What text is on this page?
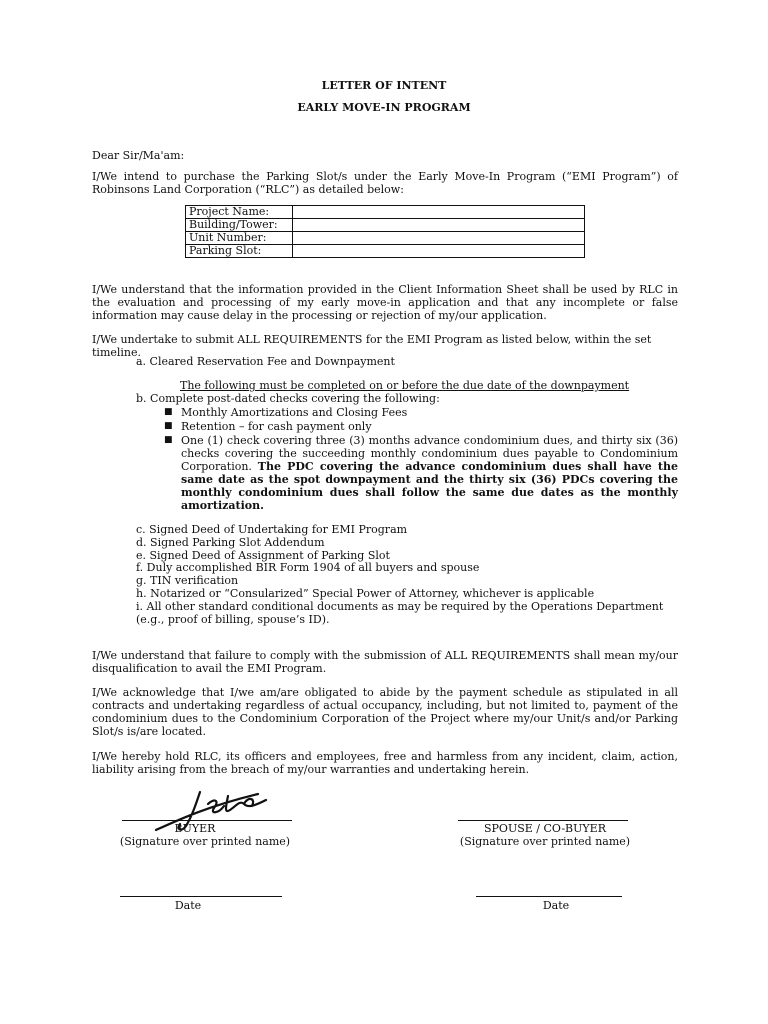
LETTER OF INTENT
EARLY MOVE-IN PROGRAM
Dear Sir/Ma'am:
I/We intend to purchase the Parking Slot/s under the Early Move-In Program (“EMI Program”) of Robinsons Land Corporation (“RLC”) as detailed below:
Project Name:	
Building/Tower:	
Unit Number:	
Parking Slot:	
I/We understand that the information provided in the Client Information Sheet shall be used by RLC in the evaluation and processing of my early move-in application and that any incomplete or false information may cause delay in the processing or rejection of my/our application.
I/We undertake to submit ALL REQUIREMENTS for the EMI Program as listed below, within the set timeline.
a. Cleared Reservation Fee and Downpayment
The following must be completed on or before the due date of the downpayment
b. Complete post-dated checks covering the following:
■ Monthly Amortizations and Closing Fees
■ Retention – for cash payment only
■ One (1) check covering three (3) months advance condominium dues, and thirty six (36) checks covering the succeeding monthly condominium dues payable to Condominium Corporation. The PDC covering the advance condominium dues shall have the same date as the spot downpayment and the thirty six (36) PDCs covering the monthly condominium dues shall follow the same due dates as the monthly amortization.
c. Signed Deed of Undertaking for EMI Program
d. Signed Parking Slot Addendum
e. Signed Deed of Assignment of Parking Slot
f. Duly accomplished BIR Form 1904 of all buyers and spouse
g. TIN verification
h. Notarized or “Consularized” Special Power of Attorney, whichever is applicable
i. All other standard conditional documents as may be required by the Operations Department
(e.g., proof of billing, spouse’s ID).
I/We understand that failure to comply with the submission of ALL REQUIREMENTS shall mean my/our disqualification to avail the EMI Program.
I/We acknowledge that I/we am/are obligated to abide by the payment schedule as stipulated in all contracts and undertaking regardless of actual occupancy, including, but not limited to, payment of the condominium dues to the Condominium Corporation of the Project where my/our Unit/s and/or Parking Slot/s is/are located.
I/We hereby hold RLC, its officers and employees, free and harmless from any incident, claim, action, liability arising from the breach of my/our warranties and undertaking herein.
BUYER
(Signature over printed name)
SPOUSE / CO-BUYER
(Signature over printed name)
Date	Date
